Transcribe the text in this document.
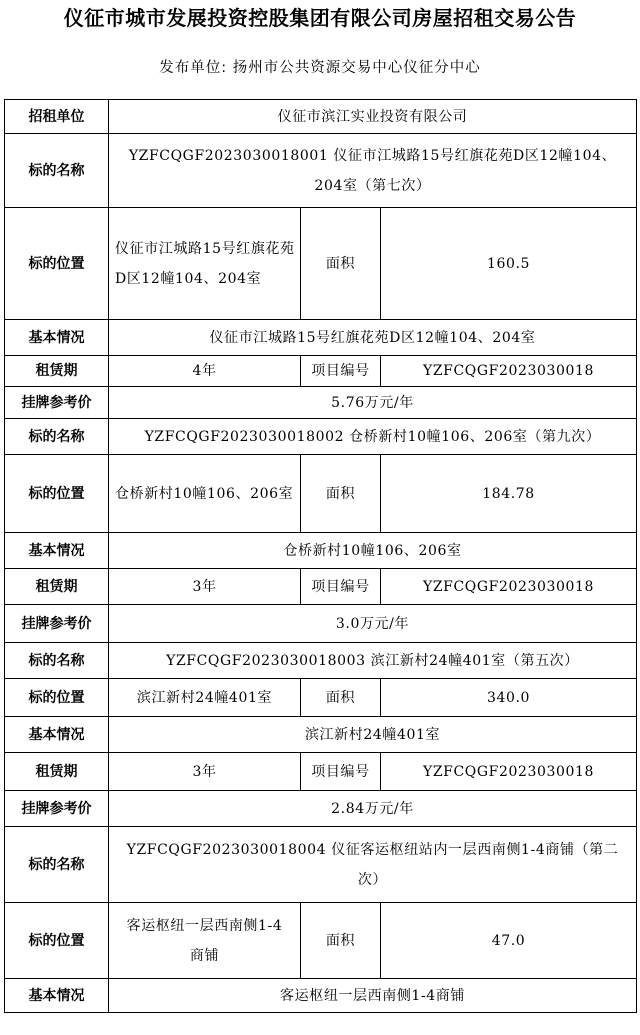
仪征市城市发展投资控股集团有限公司房屋招租交易公告
发布单位: 扬州市公共资源交易中心仪征分中心
招租单位	仪征市滨江实业投资有限公司		
标的名称	YZFCQGF2023030018001 仪征市江城路15号红旗花苑D区12幢104、204室（第七次）		
标的位置	仪征市江城路15号红旗花苑D区12幢104、204室	面积	160.5
基本情况	仪征市江城路15号红旗花苑D区12幢104、204室		
租赁期	4年	项目编号	YZFCQGF2023030018
挂牌参考价	5.76万元/年		
标的名称	YZFCQGF2023030018002 仓桥新村10幢106、206室（第九次）		
标的位置	仓桥新村10幢106、206室	面积	184.78
基本情况	仓桥新村10幢106、206室		
租赁期	3年	项目编号	YZFCQGF2023030018
挂牌参考价	3.0万元/年		
标的名称	YZFCQGF2023030018003 滨江新村24幢401室（第五次）		
标的位置	滨江新村24幢401室	面积	340.0
基本情况	滨江新村24幢401室		
租赁期	3年	项目编号	YZFCQGF2023030018
挂牌参考价	2.84万元/年		
标的名称	YZFCQGF2023030018004 仪征客运枢纽站内一层西南侧1-4商铺（第二次）		
标的位置	客运枢纽一层西南侧1-4商铺	面积	47.0
基本情况	客运枢纽一层西南侧1-4商铺		
